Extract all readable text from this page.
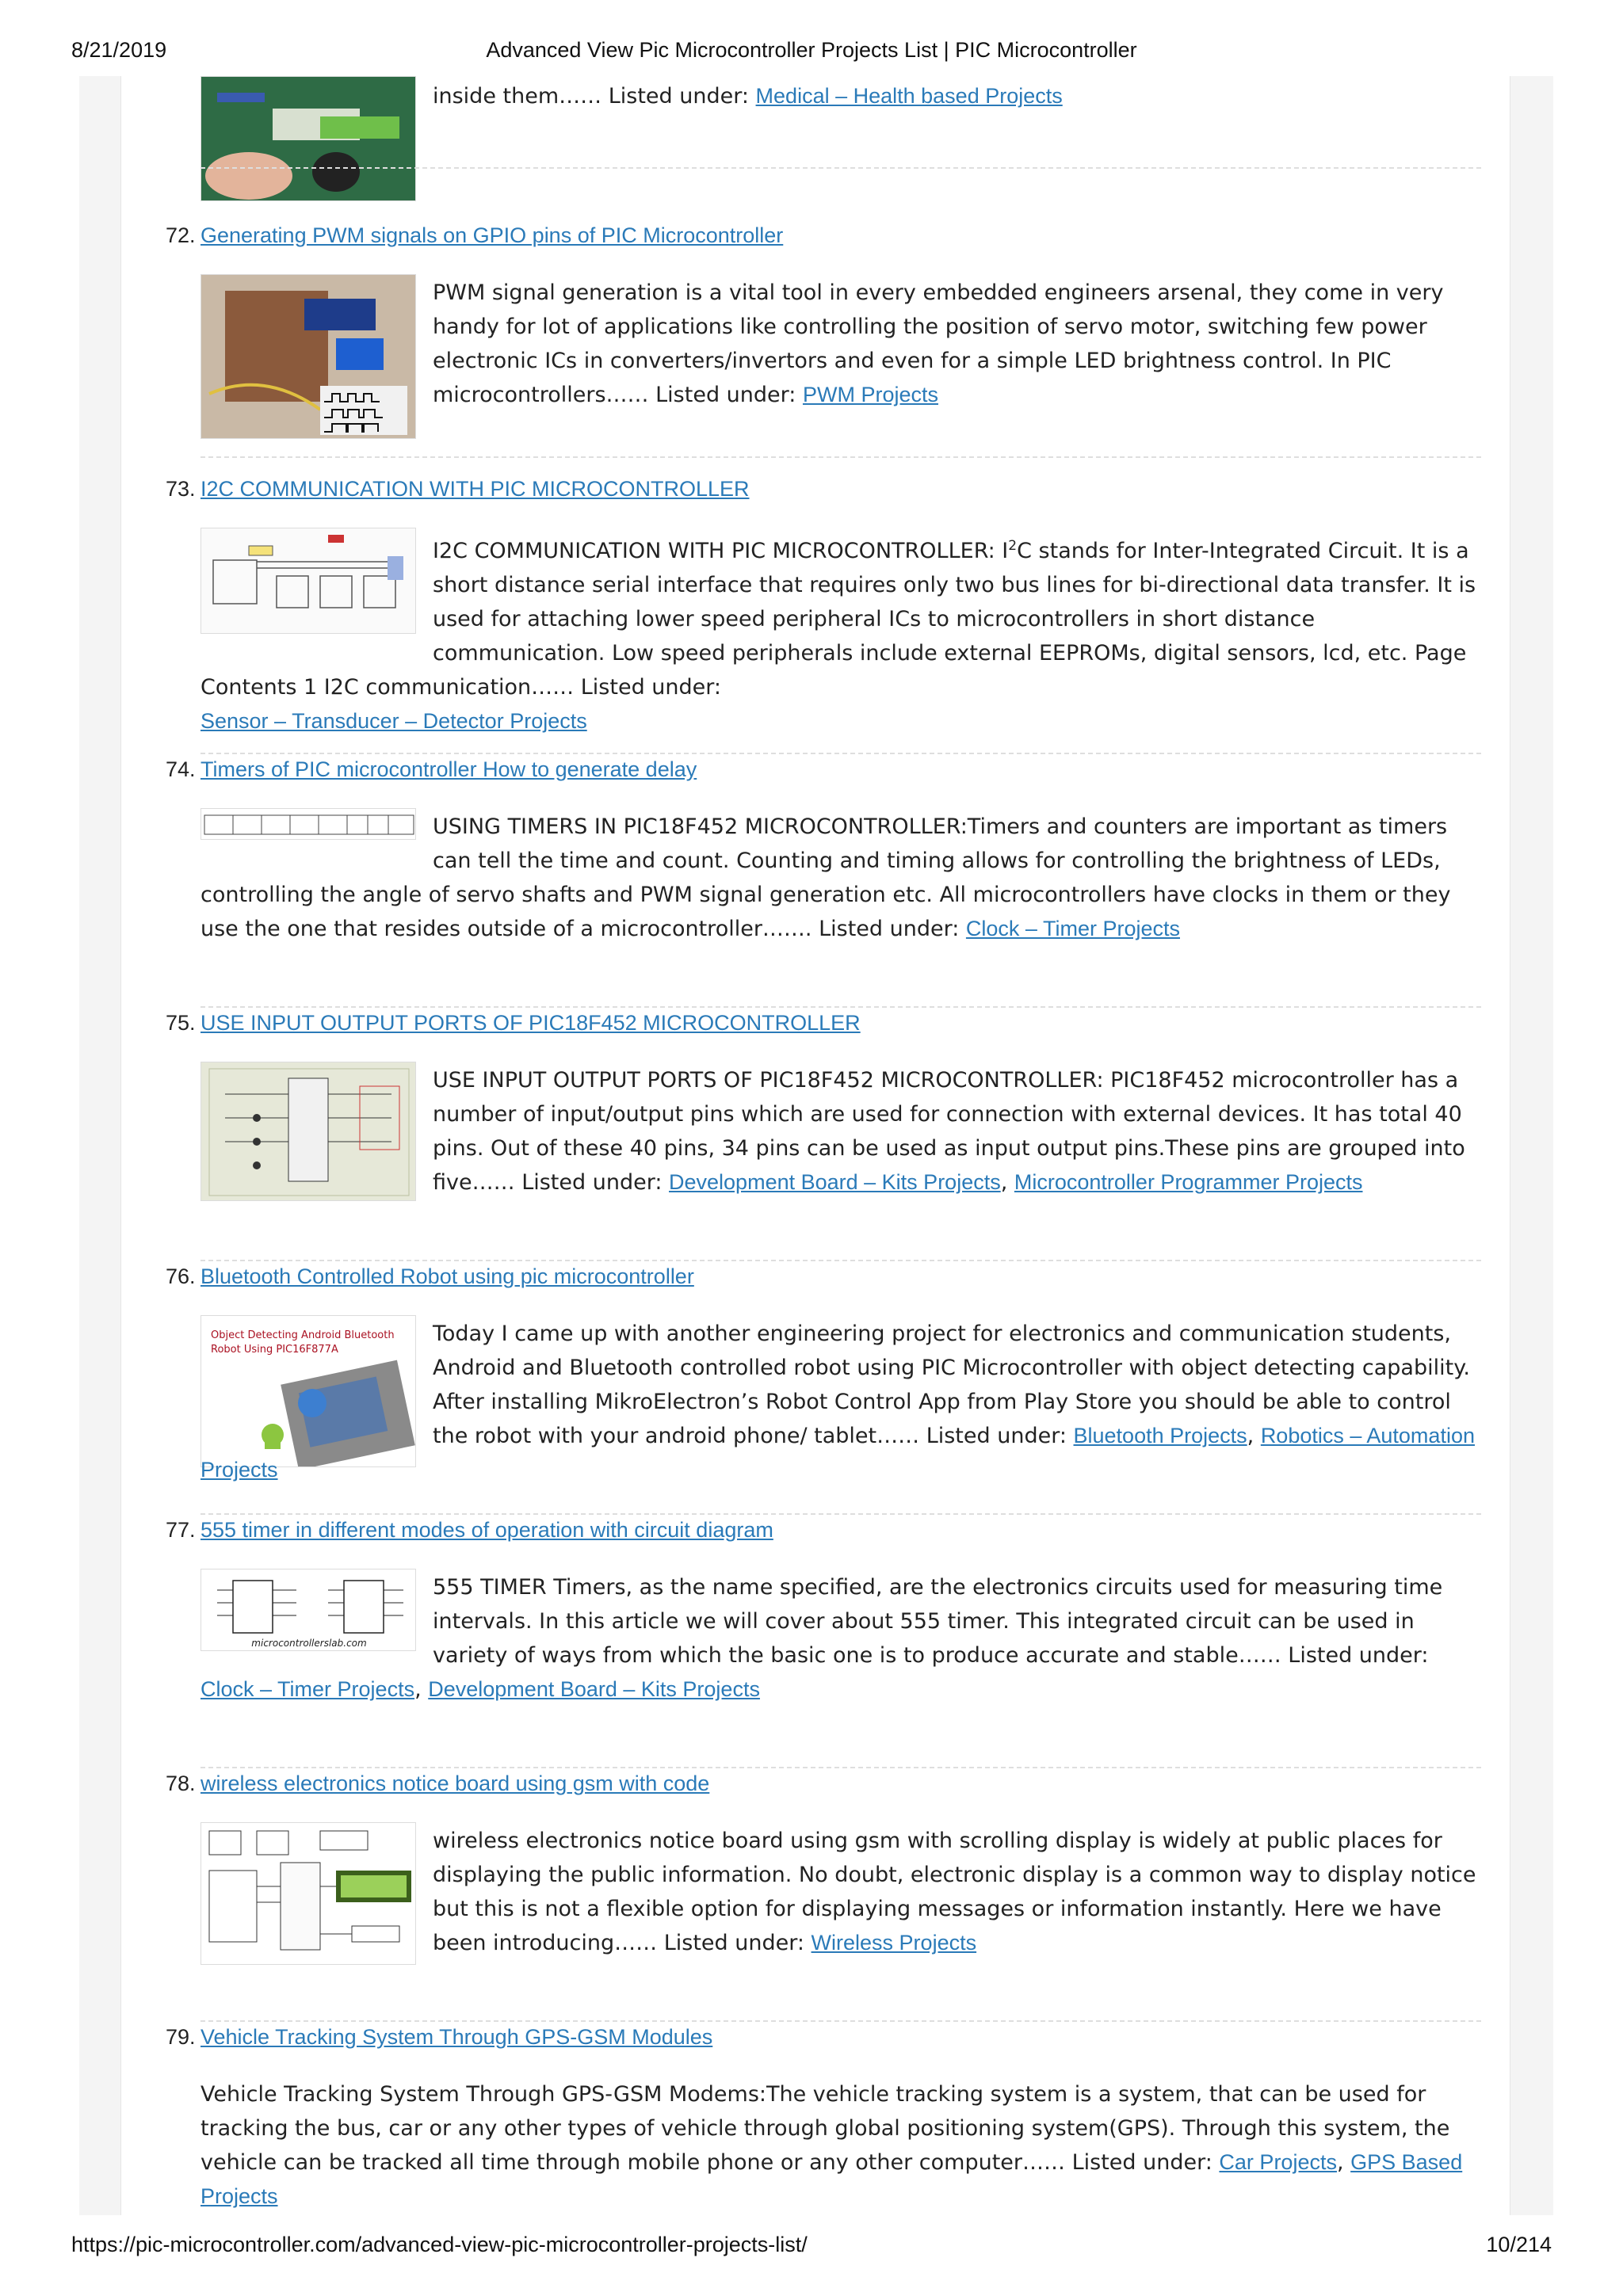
8/21/2019	Advanced View Pic Microcontroller Projects List | PIC Microcontroller
https://pic-microcontroller.com/advanced-view-pic-microcontroller-projects-list/	10/214
inside them…… Listed under: Medical – Health based Projects
72. Generating PWM signals on GPIO pins of PIC Microcontroller
PWM signal generation is a vital tool in every embedded engineers arsenal, they come in very handy for lot of applications like controlling the position of servo motor, switching few power electronic ICs in converters/invertors and even for a simple LED brightness control. In PIC microcontrollers…… Listed under: PWM Projects
73. I2C COMMUNICATION WITH PIC MICROCONTROLLER
I2C COMMUNICATION WITH PIC MICROCONTROLLER: $I^2C$ stands for Inter-Integrated Circuit. It is a short distance serial interface that requires only two bus lines for bi-directional data transfer. It is used for attaching lower speed peripheral ICs to microcontrollers in short distance communication. Low speed peripherals include external EEPROMs, digital sensors, lcd, etc. Page Contents 1 I2C communication…… Listed under:
Sensor – Transducer – Detector Projects
74. Timers of PIC microcontroller How to generate delay
USING TIMERS IN PIC18F452 MICROCONTROLLER:Timers and counters are important as timers can tell the time and count. Counting and timing allows for controlling the brightness of LEDs, controlling the angle of servo shafts and PWM signal generation etc. All microcontrollers have clocks in them or they use the one that resides outside of a microcontroller……. Listed under: Clock – Timer Projects
75. USE INPUT OUTPUT PORTS OF PIC18F452 MICROCONTROLLER
USE INPUT OUTPUT PORTS OF PIC18F452 MICROCONTROLLER: PIC18F452 microcontroller has a number of input/output pins which are used for connection with external devices. It has total 40 pins. Out of these 40 pins, 34 pins can be used as input output pins.These pins are grouped into five…… Listed under: Development Board – Kits Projects, Microcontroller Programmer Projects
76. Bluetooth Controlled Robot using pic microcontroller
Object Detecting Android Bluetooth
Robot Using PIC16F877A
Today I came up with another engineering project for electronics and communication students, Android and Bluetooth controlled robot using PIC Microcontroller with object detecting capability. After installing MikroElectron’s Robot Control App from Play Store you should be able to control the robot with your android phone/ tablet…… Listed under: Bluetooth Projects, Robotics – Automation Projects
77. 555 timer in different modes of operation with circuit diagram
microcontrollerslab.com
555 TIMER Timers, as the name specified, are the electronics circuits used for measuring time intervals. In this article we will cover about 555 timer. This integrated circuit can be used in variety of ways from which the basic one is to produce accurate and stable…… Listed under: Clock – Timer Projects, Development Board – Kits Projects
78. wireless electronics notice board using gsm with code
wireless electronics notice board using gsm with scrolling display is widely at public places for displaying the public information. No doubt, electronic display is a common way to display notice but this is not a flexible option for displaying messages or information instantly. Here we have been introducing…… Listed under: Wireless Projects
79. Vehicle Tracking System Through GPS-GSM Modules
Vehicle Tracking System Through GPS-GSM Modems:The vehicle tracking system is a system, that can be used for tracking the bus, car or any other types of vehicle through global positioning system(GPS). Through this system, the vehicle can be tracked all time through mobile phone or any other computer…… Listed under: Car Projects, GPS Based Projects
